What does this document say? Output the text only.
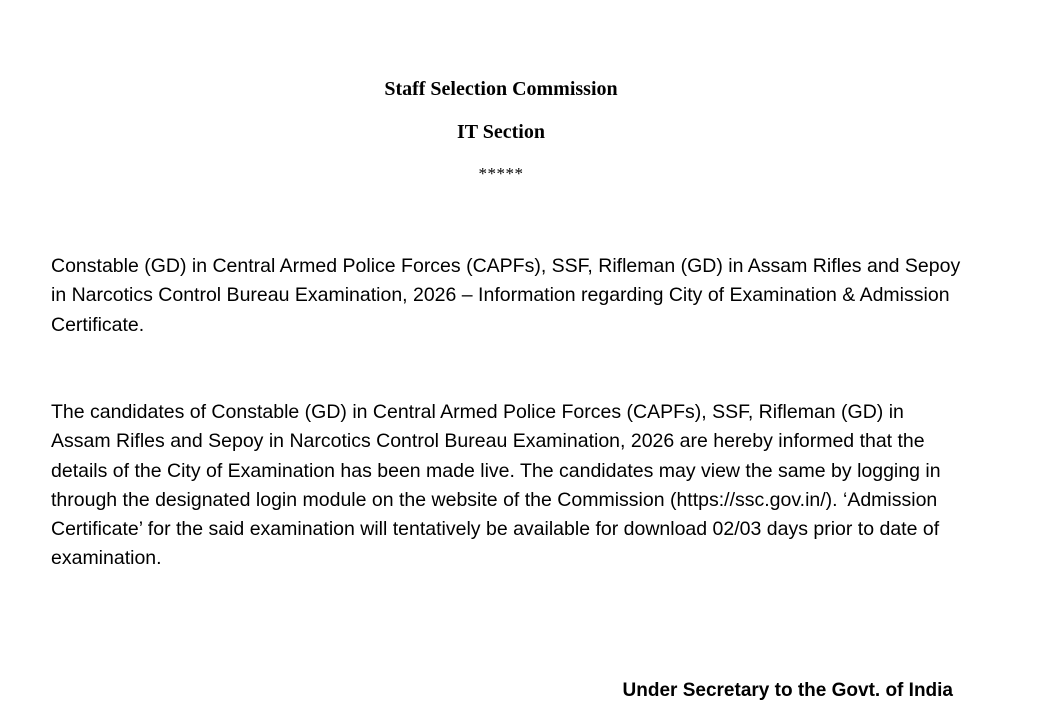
Staff Selection Commission
IT Section
*****
Constable (GD) in Central Armed Police Forces (CAPFs), SSF, Rifleman (GD) in Assam Rifles and Sepoy in Narcotics Control Bureau Examination, 2026 – Information regarding City of Examination & Admission Certificate.
The candidates of Constable (GD) in Central Armed Police Forces (CAPFs), SSF, Rifleman (GD) in Assam Rifles and Sepoy in Narcotics Control Bureau Examination, 2026 are hereby informed that the details of the City of Examination has been made live. The candidates may view the same by logging in through the designated login module on the website of the Commission (https://ssc.gov.in/). ‘Admission Certificate’ for the said examination will tentatively be available for download 02/03 days prior to date of examination.
Under Secretary to the Govt. of India
